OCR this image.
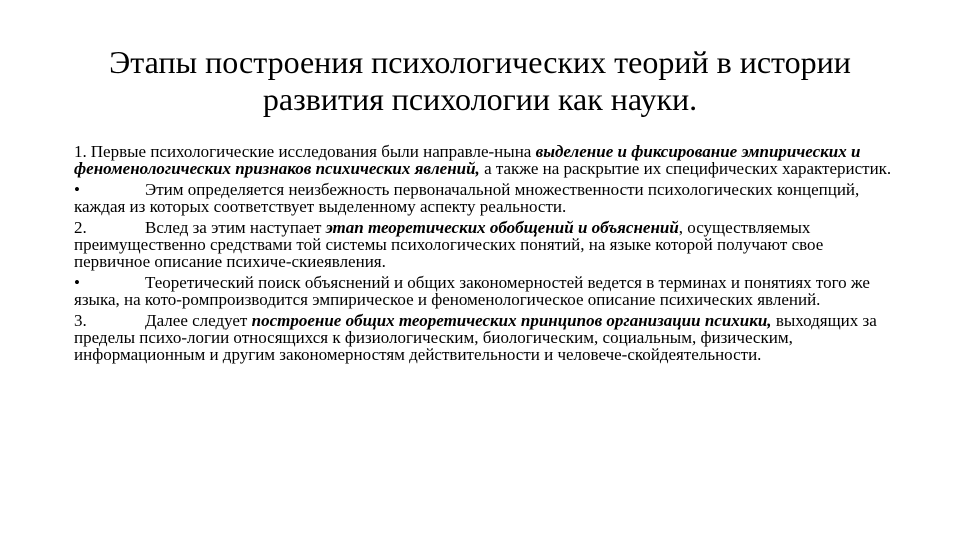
Этапы построения психологических теорий в истории
развития психологии как науки.

1. Первые психологические исследования были направле-нына выделение и фиксирование эмпирических и феноменологических признаков психических явлений, а также на раскрытие их специфических характеристик.

•	Этим определяется неизбежность первоначальной множественности психологических концепций, каждая из которых соответствует выделенному аспекту реальности.

2.	Вслед за этим наступает этап теоретических обобщений и объяснений, осуществляемых преимущественно средствами той системы психологических понятий, на языке которой получают свое первичное описание психиче-скиеявления.

•	Теоретический поиск объяснений и общих закономерностей ведется в терминах и понятиях того же языка, на кото-ромпроизводится эмпирическое и феноменологическое описание психических явлений.

3.	Далее следует построение общих теоретических принципов организации психики, выходящих за пределы психо-логии относящихся к физиологическим, биологическим, социальным, физическим, информационным и другим закономерностям действительности и человече-скойдеятельности.
